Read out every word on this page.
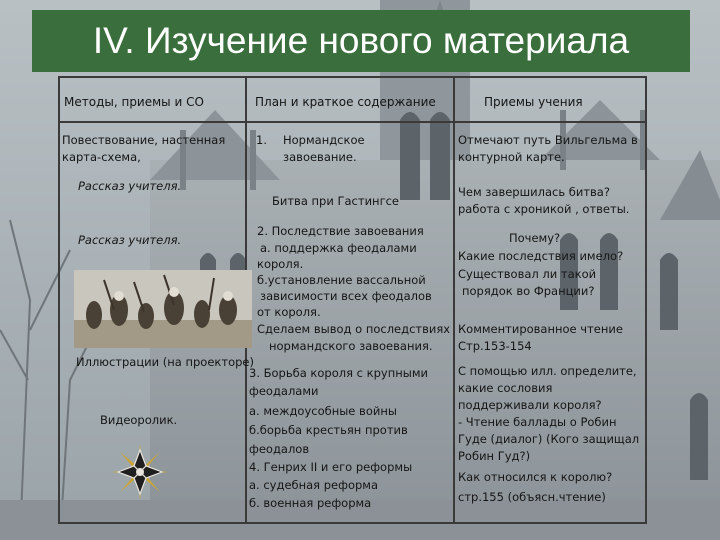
IV. Изучение нового материала
Методы, приемы и СО	План и краткое содержание	Приемы учения
Повествование, настенная
карта-схема,
Рассказ учителя.
Рассказ учителя.
Иллюстрации (на проекторе)
Видеоролик.
1. Нормандское
завоевание.
Битва при Гастингсе
2. Последствие завоевания
а. поддержка феодалами
короля.
б.установление вассальной
зависимости всех феодалов
от короля.
Сделаем вывод о последствиях
нормандского завоевания.
3. Борьба короля с крупными
феодалами
а. междоусобные войны
б.борьба крестьян против
феодалов
4. Генрих II и его реформы
а. судебная реформа
б. военная реформа
Отмечают путь Вильгельма в
контурной карте.
Чем завершилась битва?
работа с хроникой , ответы.
Почему?
Какие последствия имело?
Существовал ли такой
порядок во Франции?
Комментированное чтение
Стр.153-154
С помощью илл. определите,
какие сословия
поддерживали короля?
- Чтение баллады о Робин
Гуде (диалог) (Кого защищал
Робин Гуд?)
Как относился к королю?
стр.155 (объясн.чтение)
